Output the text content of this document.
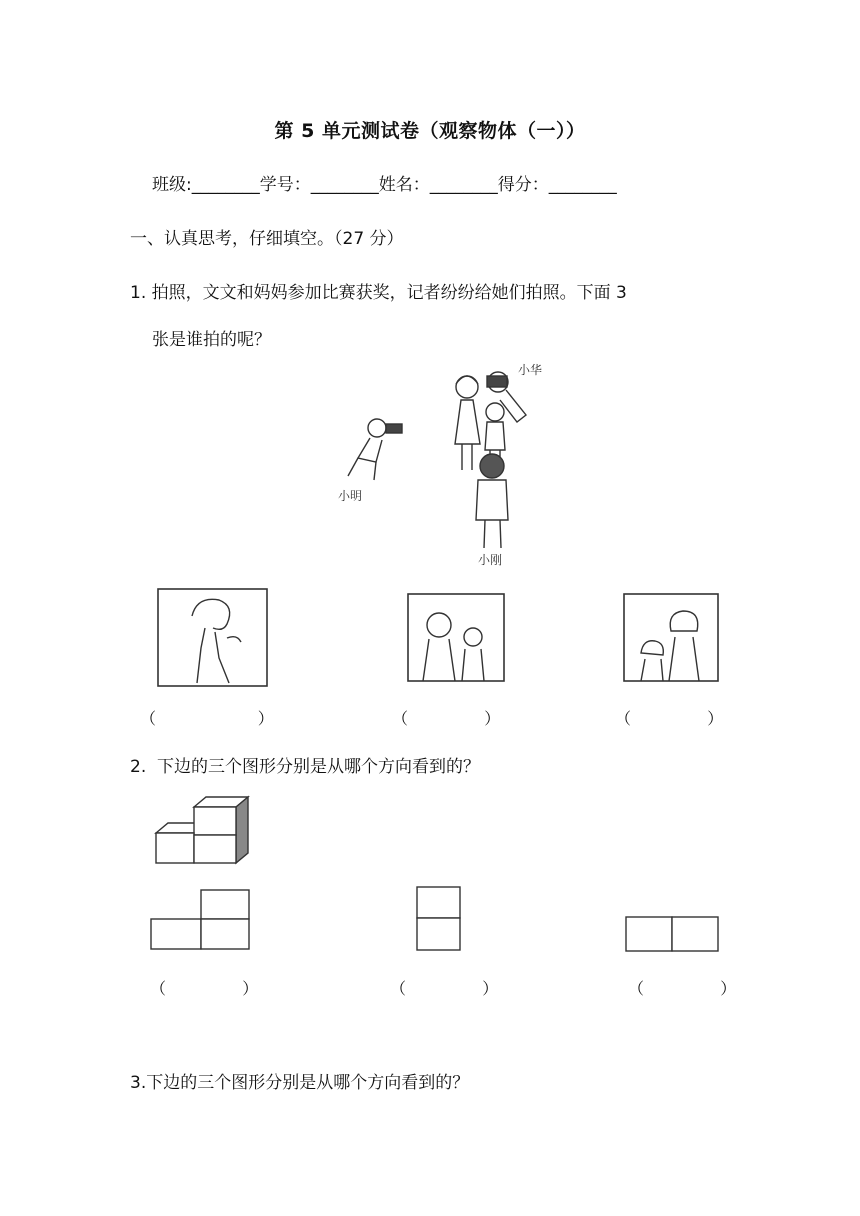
第 5 单元测试卷（观察物体（一））
班级:________学号：________姓名：________得分：________
一、认真思考，仔细填空。（27 分）
1. 拍照，文文和妈妈参加比赛获奖，记者纷纷给她们拍照。下面 3
张是谁拍的呢？
小华
小明
小刚
（                    ）	（               ）	（               ）
2.  下边的三个图形分别是从哪个方向看到的？
（               ）	（               ）	（               ）
3.下边的三个图形分别是从哪个方向看到的？
